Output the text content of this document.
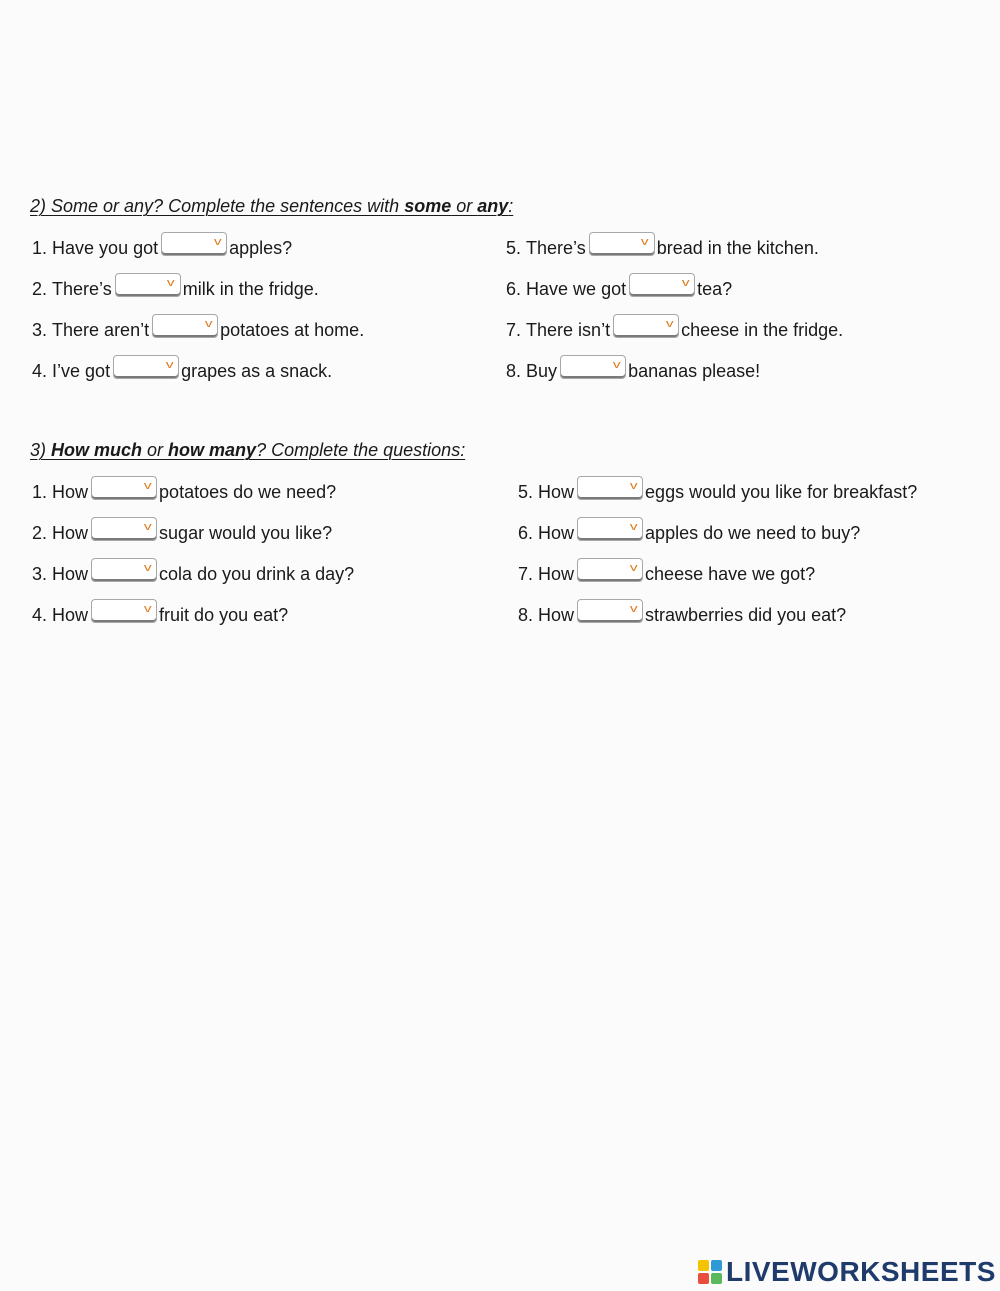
2) Some or any? Complete the sentences with some or any:
1.
Have you got	v apples?
2.
There’s	v milk in the fridge.
3.
There aren’t	v potatoes at home.
4.
I’ve got	v grapes as a snack.
5.
There’s	v bread in the kitchen.
6.
Have we got	v tea?
7.
There isn’t	v cheese in the fridge.
8.
Buy	v bananas please!
3) How much or how many? Complete the questions:
1.
How	v potatoes do we need?
2.
How	v sugar would you like?
3.
How	v cola do you drink a day?
4.
How	v fruit do you eat?
5.
How	v eggs would you like for breakfast?
6.
How	v apples do we need to buy?
7.
How	v cheese have we got?
8.
How	v strawberries did you eat?
LIVEWORKSHEETS
